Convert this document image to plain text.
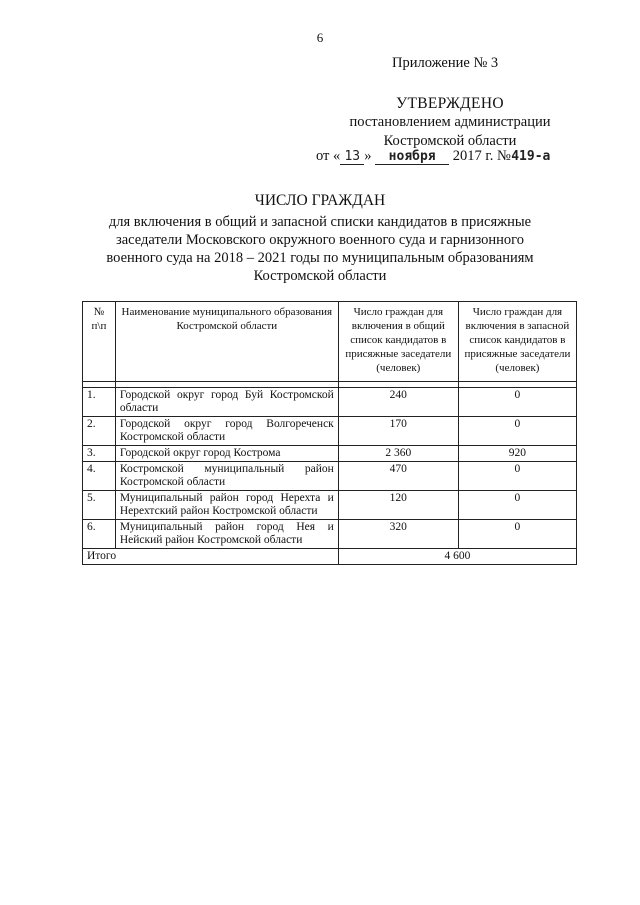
6
Приложение № 3
УТВЕРЖДЕНО
постановлением администрации
Костромской области
от « 13 » ноября 2017 г. №419-а
ЧИСЛО ГРАЖДАН
для включения в общий и запасной списки кандидатов в присяжные заседатели Московского окружного военного суда и гарнизонного военного суда на 2018 – 2021 годы по муниципальным образованиям Костромской области
№ п\п	Наименование муниципального образования Костромской области	Число граждан для включения в общий список кандидатов в присяжные заседатели (человек)	Число граждан для включения в запасной список кандидатов в присяжные заседатели (человек)

1.	Городской округ город Буй Костромской области	240	0
2.	Городской округ город Волгореченск Костромской области	170	0
3.	Городской округ город Кострома	2 360	920
4.	Костромской муниципальный район Костромской области	470	0
5.	Муниципальный район город Нерехта и Нерехтский район Костромской области	120	0
6.	Муниципальный район город Нея и Нейский район Костромской области	320	0
Итого		4 600	
